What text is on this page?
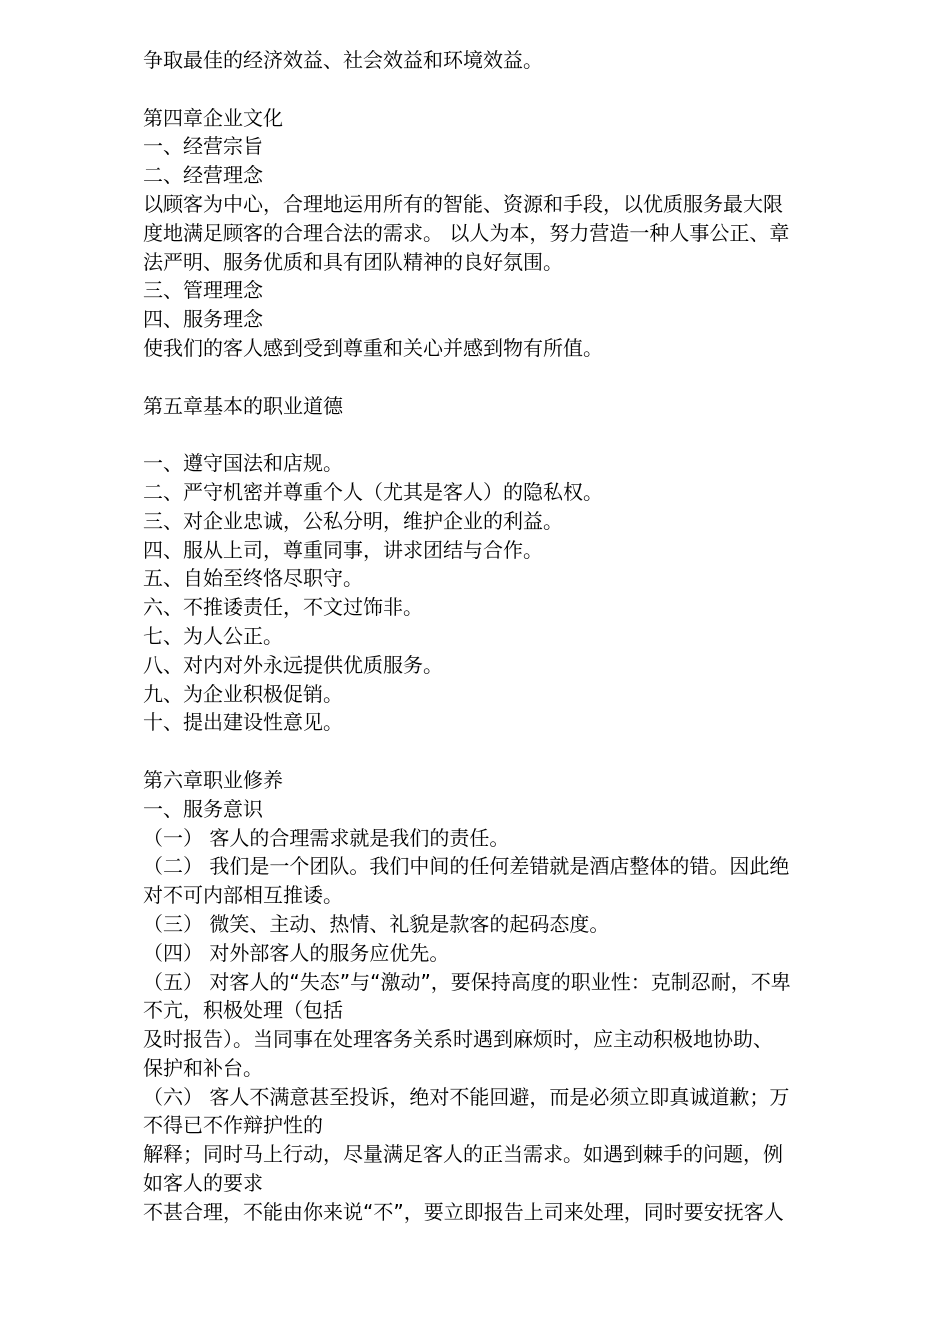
争取最佳的经济效益、社会效益和环境效益。
第四章企业文化
一、经营宗旨
二、经营理念
以顾客为中心，合理地运用所有的智能、资源和手段，以优质服务最大限
度地满足顾客的合理合法的需求。 以人为本，努力营造一种人事公正、章
法严明、服务优质和具有团队精神的良好氛围。
三、管理理念
四、服务理念
使我们的客人感到受到尊重和关心并感到物有所值。
第五章基本的职业道德
一、遵守国法和店规。
二、严守机密并尊重个人（尤其是客人）的隐私权。
三、对企业忠诚，公私分明，维护企业的利益。
四、服从上司，尊重同事，讲求团结与合作。
五、自始至终恪尽职守。
六、不推诿责任，不文过饰非。
七、为人公正。
八、对内对外永远提供优质服务。
九、为企业积极促销。
十、提出建设性意见。
第六章职业修养
一、服务意识
（一） 客人的合理需求就是我们的责任。
（二） 我们是一个团队。我们中间的任何差错就是酒店整体的错。因此绝
对不可内部相互推诿。
（三） 微笑、主动、热情、礼貌是款客的起码态度。
（四） 对外部客人的服务应优先。
（五） 对客人的“失态”与“激动”，要保持高度的职业性：克制忍耐，不卑
不亢，积极处理（包括
及时报告）。当同事在处理客务关系时遇到麻烦时，应主动积极地协助、
保护和补台。
（六） 客人不满意甚至投诉，绝对不能回避，而是必须立即真诚道歉；万
不得已不作辩护性的
解释；同时马上行动，尽量满足客人的正当需求。如遇到棘手的问题，例
如客人的要求
不甚合理，不能由你来说“不”，要立即报告上司来处理，同时要安抚客人
